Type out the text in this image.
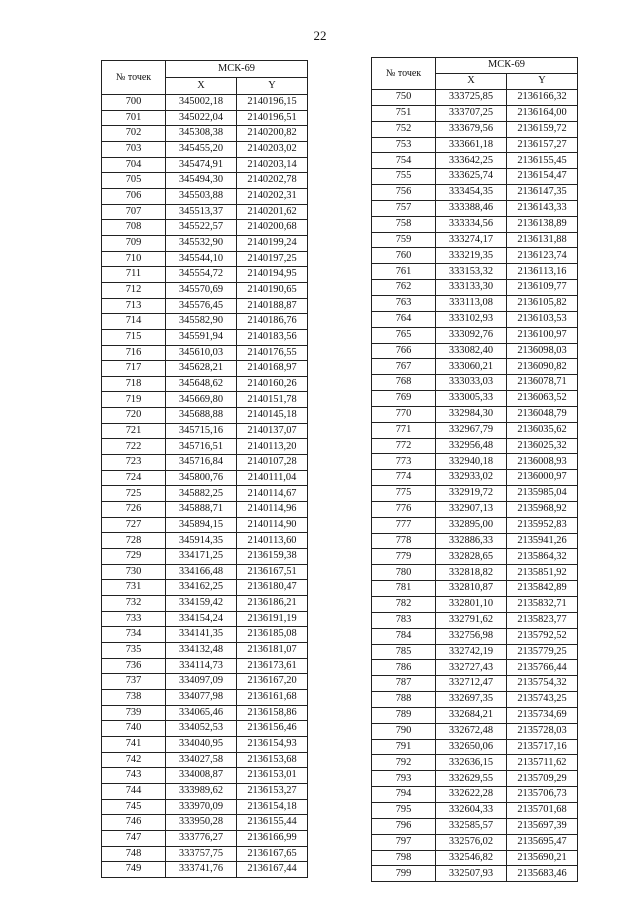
22
№ точек	МСК-69	
	X	Y
700	345002,18	2140196,15
701	345022,04	2140196,51
702	345308,38	2140200,82
703	345455,20	2140203,02
704	345474,91	2140203,14
705	345494,30	2140202,78
706	345503,88	2140202,31
707	345513,37	2140201,62
708	345522,57	2140200,68
709	345532,90	2140199,24
710	345544,10	2140197,25
711	345554,72	2140194,95
712	345570,69	2140190,65
713	345576,45	2140188,87
714	345582,90	2140186,76
715	345591,94	2140183,56
716	345610,03	2140176,55
717	345628,21	2140168,97
718	345648,62	2140160,26
719	345669,80	2140151,78
720	345688,88	2140145,18
721	345715,16	2140137,07
722	345716,51	2140113,20
723	345716,84	2140107,28
724	345800,76	2140111,04
725	345882,25	2140114,67
726	345888,71	2140114,96
727	345894,15	2140114,90
728	345914,35	2140113,60
729	334171,25	2136159,38
730	334166,48	2136167,51
731	334162,25	2136180,47
732	334159,42	2136186,21
733	334154,24	2136191,19
734	334141,35	2136185,08
735	334132,48	2136181,07
736	334114,73	2136173,61
737	334097,09	2136167,20
738	334077,98	2136161,68
739	334065,46	2136158,86
740	334052,53	2136156,46
741	334040,95	2136154,93
742	334027,58	2136153,68
743	334008,87	2136153,01
744	333989,62	2136153,27
745	333970,09	2136154,18
746	333950,28	2136155,44
747	333776,27	2136166,99
748	333757,75	2136167,65
749	333741,76	2136167,44
№ точек	МСК-69	
	X	Y
750	333725,85	2136166,32
751	333707,25	2136164,00
752	333679,56	2136159,72
753	333661,18	2136157,27
754	333642,25	2136155,45
755	333625,74	2136154,47
756	333454,35	2136147,35
757	333388,46	2136143,33
758	333334,56	2136138,89
759	333274,17	2136131,88
760	333219,35	2136123,74
761	333153,32	2136113,16
762	333133,30	2136109,77
763	333113,08	2136105,82
764	333102,93	2136103,53
765	333092,76	2136100,97
766	333082,40	2136098,03
767	333060,21	2136090,82
768	333033,03	2136078,71
769	333005,33	2136063,52
770	332984,30	2136048,79
771	332967,79	2136035,62
772	332956,48	2136025,32
773	332940,18	2136008,93
774	332933,02	2136000,97
775	332919,72	2135985,04
776	332907,13	2135968,92
777	332895,00	2135952,83
778	332886,33	2135941,26
779	332828,65	2135864,32
780	332818,82	2135851,92
781	332810,87	2135842,89
782	332801,10	2135832,71
783	332791,62	2135823,77
784	332756,98	2135792,52
785	332742,19	2135779,25
786	332727,43	2135766,44
787	332712,47	2135754,32
788	332697,35	2135743,25
789	332684,21	2135734,69
790	332672,48	2135728,03
791	332650,06	2135717,16
792	332636,15	2135711,62
793	332629,55	2135709,29
794	332622,28	2135706,73
795	332604,33	2135701,68
796	332585,57	2135697,39
797	332576,02	2135695,47
798	332546,82	2135690,21
799	332507,93	2135683,46
